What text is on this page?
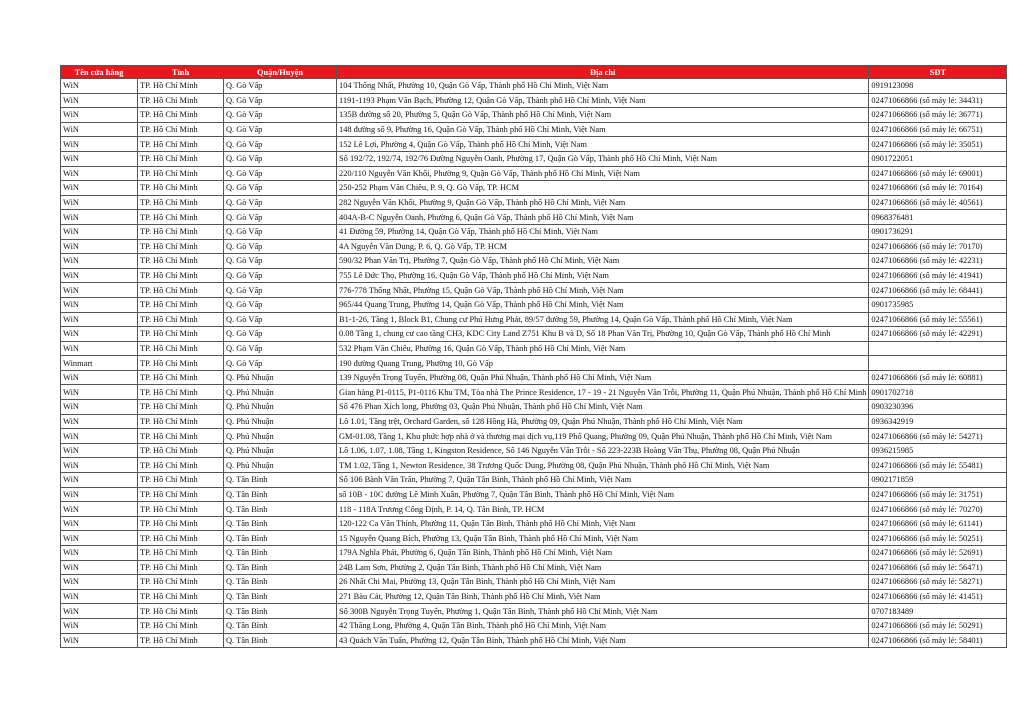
Tên cửa hàng	Tỉnh	Quận/Huyện	Địa chỉ	SĐT
WiN	TP. Hồ Chí Minh	Q. Gò Vấp	104 Thống Nhất, Phường 10, Quận Gò Vấp, Thành phố Hồ Chí Minh, Việt Nam	0919123098
WiN	TP. Hồ Chí Minh	Q. Gò Vấp	1191-1193 Phạm Văn Bạch, Phường 12, Quận Gò Vấp, Thành phố Hồ Chí Minh, Việt Nam	02471066866 (số máy lẻ: 34431)
WiN	TP. Hồ Chí Minh	Q. Gò Vấp	135B đường số 20, Phường 5, Quận Gò Vấp, Thành phố Hồ Chí Minh, Việt Nam	02471066866 (số máy lẻ: 36771)
WiN	TP. Hồ Chí Minh	Q. Gò Vấp	148 đường số 9, Phường 16, Quận Gò Vấp, Thành phố Hồ Chí Minh, Việt Nam	02471066866 (số máy lẻ: 66751)
WiN	TP. Hồ Chí Minh	Q. Gò Vấp	152 Lê Lợi, Phường 4, Quận Gò Vấp, Thành phố Hồ Chí Minh, Việt Nam	02471066866 (số máy lẻ: 35051)
WiN	TP. Hồ Chí Minh	Q. Gò Vấp	Số 192/72, 192/74, 192/76 Đường Nguyễn Oanh, Phường 17, Quận Gò Vấp, Thành phố Hồ Chí Minh, Việt Nam	0901722051
WiN	TP. Hồ Chí Minh	Q. Gò Vấp	220/110 Nguyễn Văn Khối, Phường 9, Quận Gò Vấp, Thành phố Hồ Chí Minh, Việt Nam	02471066866 (số máy lẻ: 69001)
WiN	TP. Hồ Chí Minh	Q. Gò Vấp	250-252 Phạm Văn Chiêu, P. 9, Q. Gò Vấp, TP. HCM	02471066866 (số máy lẻ: 70164)
WiN	TP. Hồ Chí Minh	Q. Gò Vấp	282 Nguyễn Văn Khối, Phường 9, Quận Gò Vấp, Thành phố Hồ Chí Minh, Việt Nam	02471066866 (số máy lẻ: 40561)
WiN	TP. Hồ Chí Minh	Q. Gò Vấp	404A-B-C Nguyễn Oanh, Phường 6, Quận Gò Vấp, Thành phố Hồ Chí Minh, Việt Nam	0968376481
WiN	TP. Hồ Chí Minh	Q. Gò Vấp	41 Đường 59, Phường 14, Quận Gò Vấp, Thành phố Hồ Chí Minh, Việt Nam	0901736291
WiN	TP. Hồ Chí Minh	Q. Gò Vấp	4A Nguyễn Văn Dung, P. 6, Q. Gò Vấp, TP. HCM	02471066866 (số máy lẻ: 70170)
WiN	TP. Hồ Chí Minh	Q. Gò Vấp	590/32 Phan Văn Trị, Phường 7, Quận Gò Vấp, Thành phố Hồ Chí Minh, Việt Nam	02471066866 (số máy lẻ: 42231)
WiN	TP. Hồ Chí Minh	Q. Gò Vấp	755 Lê Đức Thọ, Phường 16, Quận Gò Vấp, Thành phố Hồ Chí Minh, Việt Nam	02471066866 (số máy lẻ: 41941)
WiN	TP. Hồ Chí Minh	Q. Gò Vấp	776-778 Thống Nhất, Phường 15, Quận Gò Vấp, Thành phố Hồ Chí Minh, Việt Nam	02471066866 (số máy lẻ: 68441)
WiN	TP. Hồ Chí Minh	Q. Gò Vấp	965/44 Quang Trung, Phường 14, Quận Gò Vấp, Thành phố Hồ Chí Minh, Việt Nam	0901735985
WiN	TP. Hồ Chí Minh	Q. Gò Vấp	B1-1-26, Tầng 1, Block B1, Chung cư Phú Hưng Phát, 89/57 đường 59, Phường 14, Quận Gò Vấp, Thành phố Hồ Chí Minh, Việt Nam	02471066866 (số máy lẻ: 55561)
WiN	TP. Hồ Chí Minh	Q. Gò Vấp	0.08 Tầng 1, chung cư cao tầng CH3, KDC City Land Z751 Khu B và D, Số 18 Phan Văn Trị, Phường 10, Quận Gò Vấp, Thành phố Hồ Chí Minh	02471066866 (số máy lẻ: 42291)
WiN	TP. Hồ Chí Minh	Q. Gò Vấp	532 Phạm Văn Chiêu, Phường 16, Quận Gò Vấp, Thành phố Hồ Chí Minh, Việt Nam	
Winmart	TP. Hồ Chí Minh	Q. Gò Vấp	190 đường Quang Trung, Phường 10, Gò Vấp	
WiN	TP. Hồ Chí Minh	Q. Phú Nhuận	139 Nguyễn Trọng Tuyển, Phường 08, Quận Phú Nhuận, Thành phố Hồ Chí Minh, Việt Nam	02471066866 (số máy lẻ: 60881)
WiN	TP. Hồ Chí Minh	Q. Phú Nhuận	Gian hàng P1-0115, P1-0116 Khu TM, Tòa nhà The Prince Residence, 17 - 19 - 21 Nguyễn Văn Trỗi, Phường 11, Quận Phú Nhuận, Thành phố Hồ Chí Minh	0901702718
WiN	TP. Hồ Chí Minh	Q. Phú Nhuận	Số 476 Phan Xích long, Phường 03, Quận Phú Nhuận, Thành phố Hồ Chí Minh, Việt Nam	0903230396
WiN	TP. Hồ Chí Minh	Q. Phú Nhuận	Lô 1.01, Tầng trệt, Orchard Garden, số 128 Hồng Hà, Phường 09, Quận Phú Nhuận, Thành phố Hồ Chí Minh, Việt Nam	0936342919
WiN	TP. Hồ Chí Minh	Q. Phú Nhuận	GM-01.08, Tầng 1, Khu phức hợp nhà ở và thương mại dịch vụ,119 Phổ Quang, Phường 09, Quận Phú Nhuận, Thành phố Hồ Chí Minh, Việt Nam	02471066866 (số máy lẻ: 54271)
WiN	TP. Hồ Chí Minh	Q. Phú Nhuận	Lô 1.06, 1.07, 1.08, Tầng 1, Kingston Residence, Số 146 Nguyễn Văn Trỗi - Số 223-223B Hoàng Văn Thụ, Phường 08, Quận Phú Nhuận	0936215985
WiN	TP. Hồ Chí Minh	Q. Phú Nhuận	TM 1.02, Tầng 1, Newton Residence, 38 Trương Quốc Dung, Phường 08, Quận Phú Nhuận, Thành phố Hồ Chí Minh, Việt Nam	02471066866 (số máy lẻ: 55481)
WiN	TP. Hồ Chí Minh	Q. Tân Bình	Số 106 Bành Văn Trân, Phường 7, Quận Tân Bình, Thành phố Hồ Chí Minh, Việt Nam	0902171859
WiN	TP. Hồ Chí Minh	Q. Tân Bình	số 10B - 10C đường Lê Minh Xuân, Phường 7, Quận Tân Bình, Thành phố Hồ Chí Minh, Việt Nam	02471066866 (số máy lẻ: 31751)
WiN	TP. Hồ Chí Minh	Q. Tân Bình	118 - 118A Trương Công Định, P. 14, Q. Tân Bình, TP. HCM	02471066866 (số máy lẻ: 70270)
WiN	TP. Hồ Chí Minh	Q. Tân Bình	120-122 Ca Văn Thỉnh, Phường 11, Quận Tân Bình, Thành phố Hồ Chí Minh, Việt Nam	02471066866 (số máy lẻ: 61141)
WiN	TP. Hồ Chí Minh	Q. Tân Bình	15 Nguyễn Quang Bích, Phường 13, Quận Tân Bình, Thành phố Hồ Chí Minh, Việt Nam	02471066866 (số máy lẻ: 50251)
WiN	TP. Hồ Chí Minh	Q. Tân Bình	179A Nghĩa Phát, Phường 6, Quận Tân Bình, Thành phố Hồ Chí Minh, Việt Nam	02471066866 (số máy lẻ: 52691)
WiN	TP. Hồ Chí Minh	Q. Tân Bình	24B Lam Sơn, Phường 2, Quận Tân Bình, Thành phố Hồ Chí Minh, Việt Nam	02471066866 (số máy lẻ: 56471)
WiN	TP. Hồ Chí Minh	Q. Tân Bình	26 Nhất Chi Mai, Phường 13, Quận Tân Bình, Thành phố Hồ Chí Minh, Việt Nam	02471066866 (số máy lẻ: 58271)
WiN	TP. Hồ Chí Minh	Q. Tân Bình	271 Bàu Cát, Phường 12, Quận Tân Bình, Thành phố Hồ Chí Minh, Việt Nam	02471066866 (số máy lẻ: 41451)
WiN	TP. Hồ Chí Minh	Q. Tân Bình	Số 300B Nguyễn Trọng Tuyển, Phường 1, Quận Tân Bình, Thành phố Hồ Chí Minh, Việt Nam	0707183489
WiN	TP. Hồ Chí Minh	Q. Tân Bình	42 Thăng Long, Phường 4, Quận Tân Bình, Thành phố Hồ Chí Minh, Việt Nam	02471066866 (số máy lẻ: 50291)
WiN	TP. Hồ Chí Minh	Q. Tân Bình	43 Quách Văn Tuấn, Phường 12, Quận Tân Bình, Thành phố Hồ Chí Minh, Việt Nam	02471066866 (số máy lẻ: 58401)
